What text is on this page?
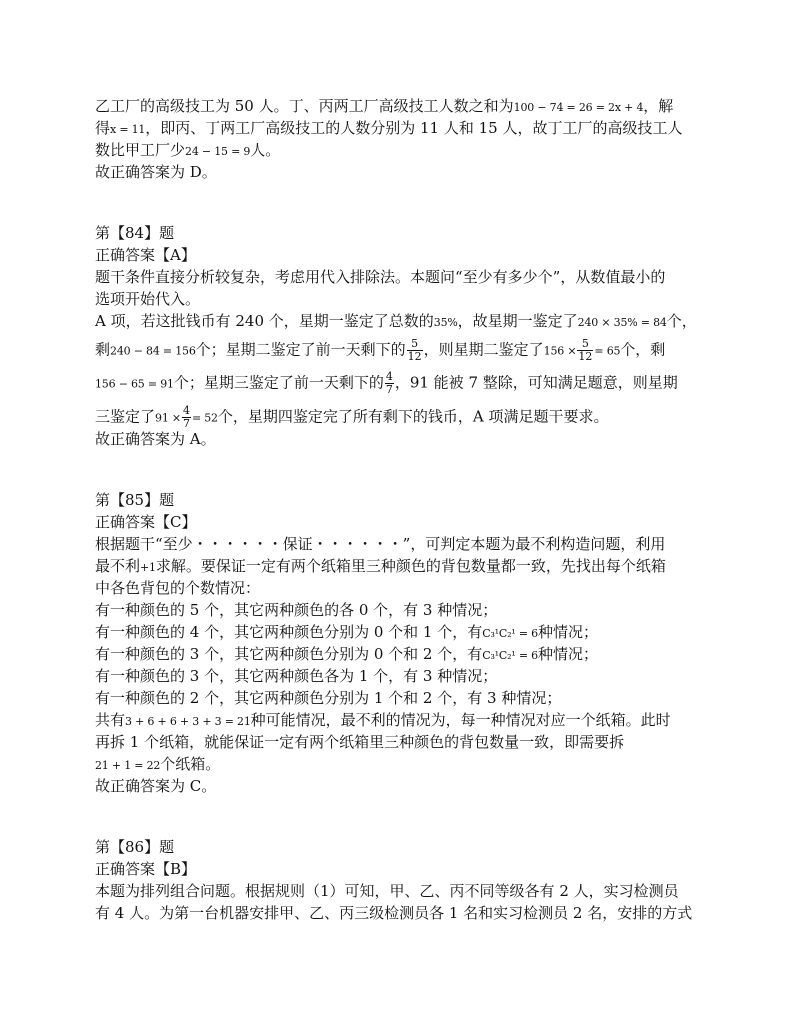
乙工厂的高级技工为 50 人。丁、丙两工厂高级技工人数之和为100 − 74 = 26 = 2x + 4，解
得x = 11，即丙、丁两工厂高级技工的人数分别为 11 人和 15 人，故丁工厂的高级技工人
数比甲工厂少24 − 15 = 9人。
故正确答案为 D。
第【84】题
正确答案【A】
题干条件直接分析较复杂，考虑用代入排除法。本题问“至少有多少个”，从数值最小的
选项开始代入。
A 项，若这批钱币有 240 个，星期一鉴定了总数的35%，故星期一鉴定了240 × 35% = 84个，
剩240 − 84 = 156个；星期二鉴定了前一天剩下的 $\frac{5}{12}$ ，则星期二鉴定了$156 \times \frac{5}{12} = 65$个，剩
156 − 65 = 91个；星期三鉴定了前一天剩下的 $\frac{4}{7}$ ，91 能被 7 整除，可知满足题意，则星期
三鉴定了$91 \times \frac{4}{7} = 52$个，星期四鉴定完了所有剩下的钱币，A 项满足题干要求。
故正确答案为 A。
第【85】题
正确答案【C】
根据题干“至少・・・・・・保证・・・・・・”，可判定本题为最不利构造问题，利用
最不利+1求解。要保证一定有两个纸箱里三种颜色的背包数量都一致，先找出每个纸箱
中各色背包的个数情况：
有一种颜色的 5 个，其它两种颜色的各 0 个，有 3 种情况；
有一种颜色的 4 个，其它两种颜色分别为 0 个和 1 个，有C₃¹C₂¹ = 6种情况；
有一种颜色的 3 个，其它两种颜色分别为 0 个和 2 个，有C₃¹C₂¹ = 6种情况；
有一种颜色的 3 个，其它两种颜色各为 1 个，有 3 种情况；
有一种颜色的 2 个，其它两种颜色分别为 1 个和 2 个，有 3 种情况；
共有3 + 6 + 6 + 3 + 3 = 21种可能情况，最不利的情况为，每一种情况对应一个纸箱。此时
再拆 1 个纸箱，就能保证一定有两个纸箱里三种颜色的背包数量一致，即需要拆
21 + 1 = 22个纸箱。
故正确答案为 C。
第【86】题
正确答案【B】
本题为排列组合问题。根据规则（1）可知，甲、乙、丙不同等级各有 2 人，实习检测员
有 4 人。为第一台机器安排甲、乙、丙三级检测员各 1 名和实习检测员 2 名，安排的方式
